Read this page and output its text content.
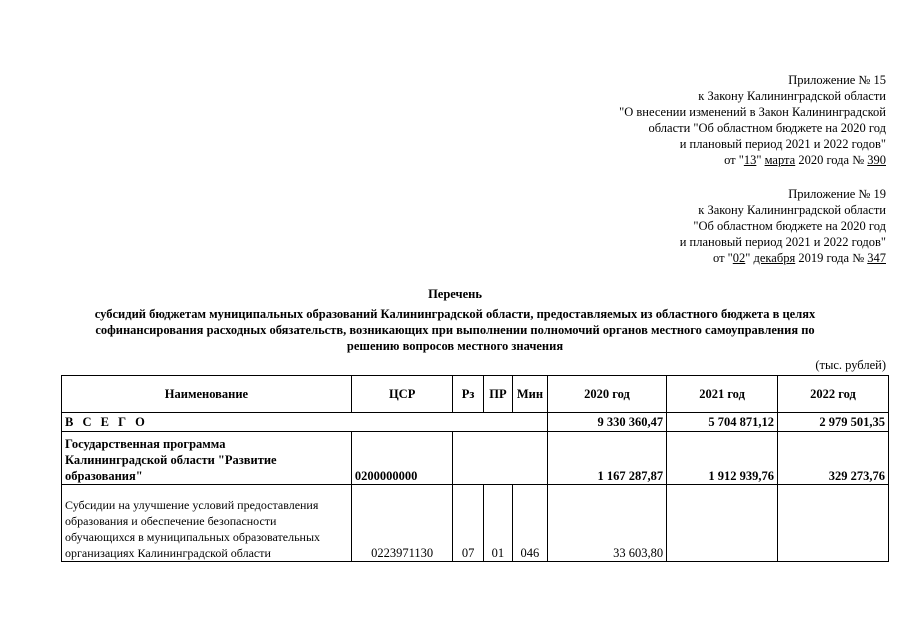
Приложение № 15
к Закону Калининградской области
"О внесении изменений в Закон Калининградской
области "Об областном бюджете на 2020 год
и плановый период 2021 и 2022 годов"
от "13" марта 2020 года № 390
Приложение № 19
к Закону Калининградской области
"Об областном бюджете на 2020 год
и плановый период 2021 и 2022 годов"
от "02" декабря 2019 года № 347
Перечень
субсидий бюджетам муниципальных образований Калининградской области, предоставляемых из областного бюджета в целях
софинансирования расходных обязательств, возникающих при выполнении полномочий органов местного самоуправления по
решению вопросов местного значения
(тыс. рублей)
Наименование	ЦСР	Рз	ПР	Мин	2020 год	2021 год	2022 год
В С Е Г О					9 330 360,47	5 704 871,12	2 979 501,35

Государственная программа
Калининградской области "Развитие
образования"	0200000000				1 167 287,87	1 912 939,76	329 273,76

Субсидии на улучшение условий предоставления
образования и обеспечение безопасности
обучающихся в муниципальных образовательных
организациях Калининградской области	0223971130	07	01	046	33 603,80		
